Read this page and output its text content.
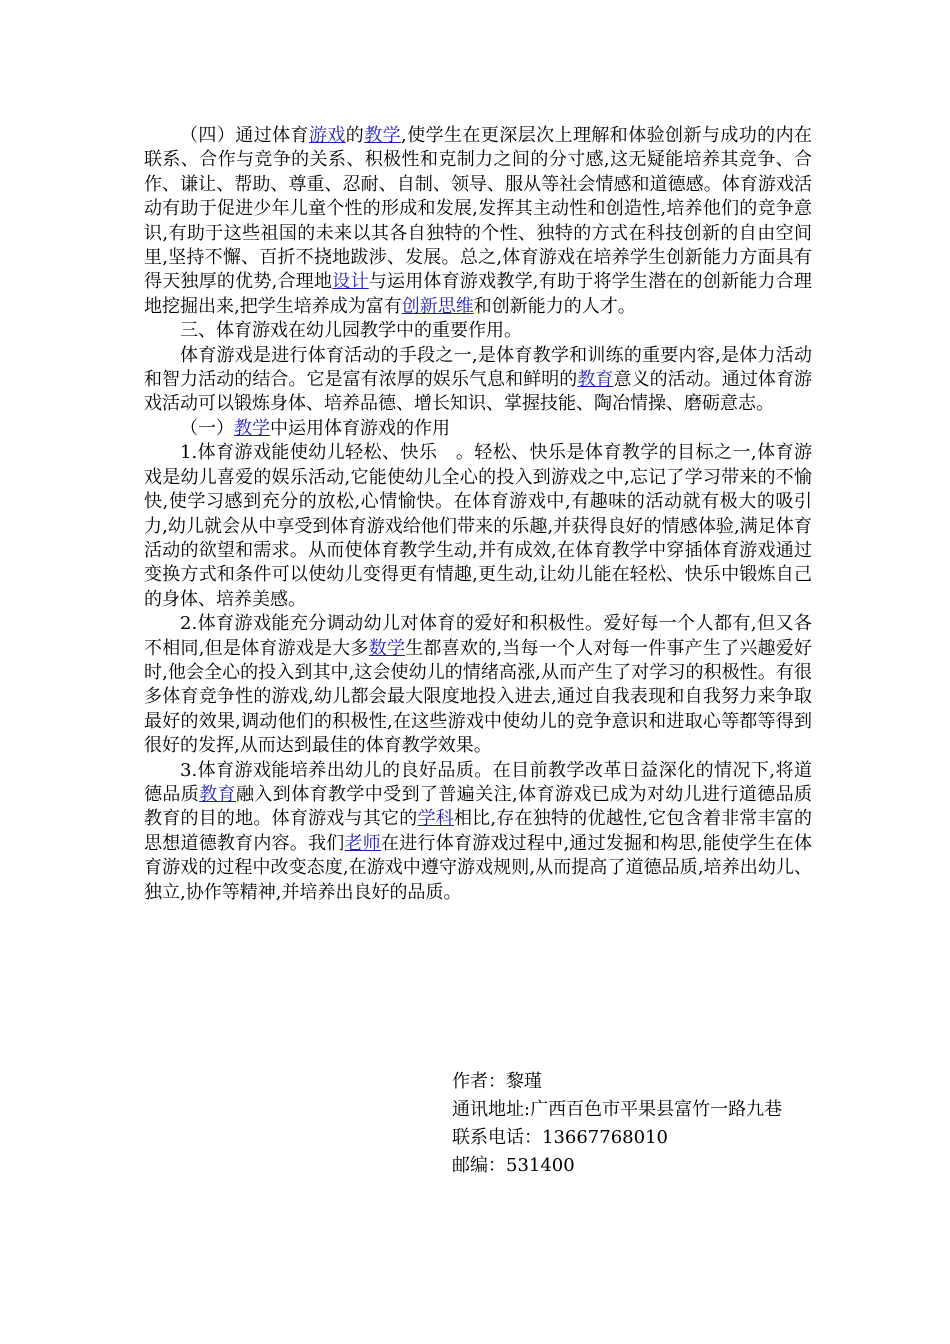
（四）通过体育游戏的教学,使学生在更深层次上理解和体验创新与成功的内在联系、合作与竞争的关系、积极性和克制力之间的分寸感,这无疑能培养其竞争、合作、谦让、帮助、尊重、忍耐、自制、领导、服从等社会情感和道德感。体育游戏活动有助于促进少年儿童个性的形成和发展,发挥其主动性和创造性,培养他们的竞争意识,有助于这些祖国的未来以其各自独特的个性、独特的方式在科技创新的自由空间里,坚持不懈、百折不挠地跋涉、发展。总之,体育游戏在培养学生创新能力方面具有得天独厚的优势,合理地设计与运用体育游戏教学,有助于将学生潜在的创新能力合理地挖掘出来,把学生培养成为富有创新思维和创新能力的人才。

三、体育游戏在幼儿园教学中的重要作用。

体育游戏是进行体育活动的手段之一,是体育教学和训练的重要内容,是体力活动和智力活动的结合。它是富有浓厚的娱乐气息和鲜明的教育意义的活动。通过体育游戏活动可以锻炼身体、培养品德、增长知识、掌握技能、陶冶情操、磨砺意志。

（一）教学中运用体育游戏的作用

1.体育游戏能使幼儿轻松、快乐　。轻松、快乐是体育教学的目标之一,体育游戏是幼儿喜爱的娱乐活动,它能使幼儿全心的投入到游戏之中,忘记了学习带来的不愉快,使学习感到充分的放松,心情愉快。在体育游戏中,有趣味的活动就有极大的吸引力,幼儿就会从中享受到体育游戏给他们带来的乐趣,并获得良好的情感体验,满足体育活动的欲望和需求。从而使体育教学生动,并有成效,在体育教学中穿插体育游戏通过变换方式和条件可以使幼儿变得更有情趣,更生动,让幼儿能在轻松、快乐中锻炼自己的身体、培养美感。

2.体育游戏能充分调动幼儿对体育的爱好和积极性。爱好每一个人都有,但又各不相同,但是体育游戏是大多数学生都喜欢的,当每一个人对每一件事产生了兴趣爱好时,他会全心的投入到其中,这会使幼儿的情绪高涨,从而产生了对学习的积极性。有很多体育竞争性的游戏,幼儿都会最大限度地投入进去,通过自我表现和自我努力来争取最好的效果,调动他们的积极性,在这些游戏中使幼儿的竞争意识和进取心等都等得到很好的发挥,从而达到最佳的体育教学效果。

3.体育游戏能培养出幼儿的良好品质。在目前教学改革日益深化的情况下,将道德品质教育融入到体育教学中受到了普遍关注,体育游戏已成为对幼儿进行道德品质教育的目的地。体育游戏与其它的学科相比,存在独特的优越性,它包含着非常丰富的思想道德教育内容。我们老师在进行体育游戏过程中,通过发掘和构思,能使学生在体育游戏的过程中改变态度,在游戏中遵守游戏规则,从而提高了道德品质,培养出幼儿、独立,协作等精神,并培养出良好的品质。

作者：黎瑾
通讯地址:广西百色市平果县富竹一路九巷
联系电话：13667768010
邮编：531400
